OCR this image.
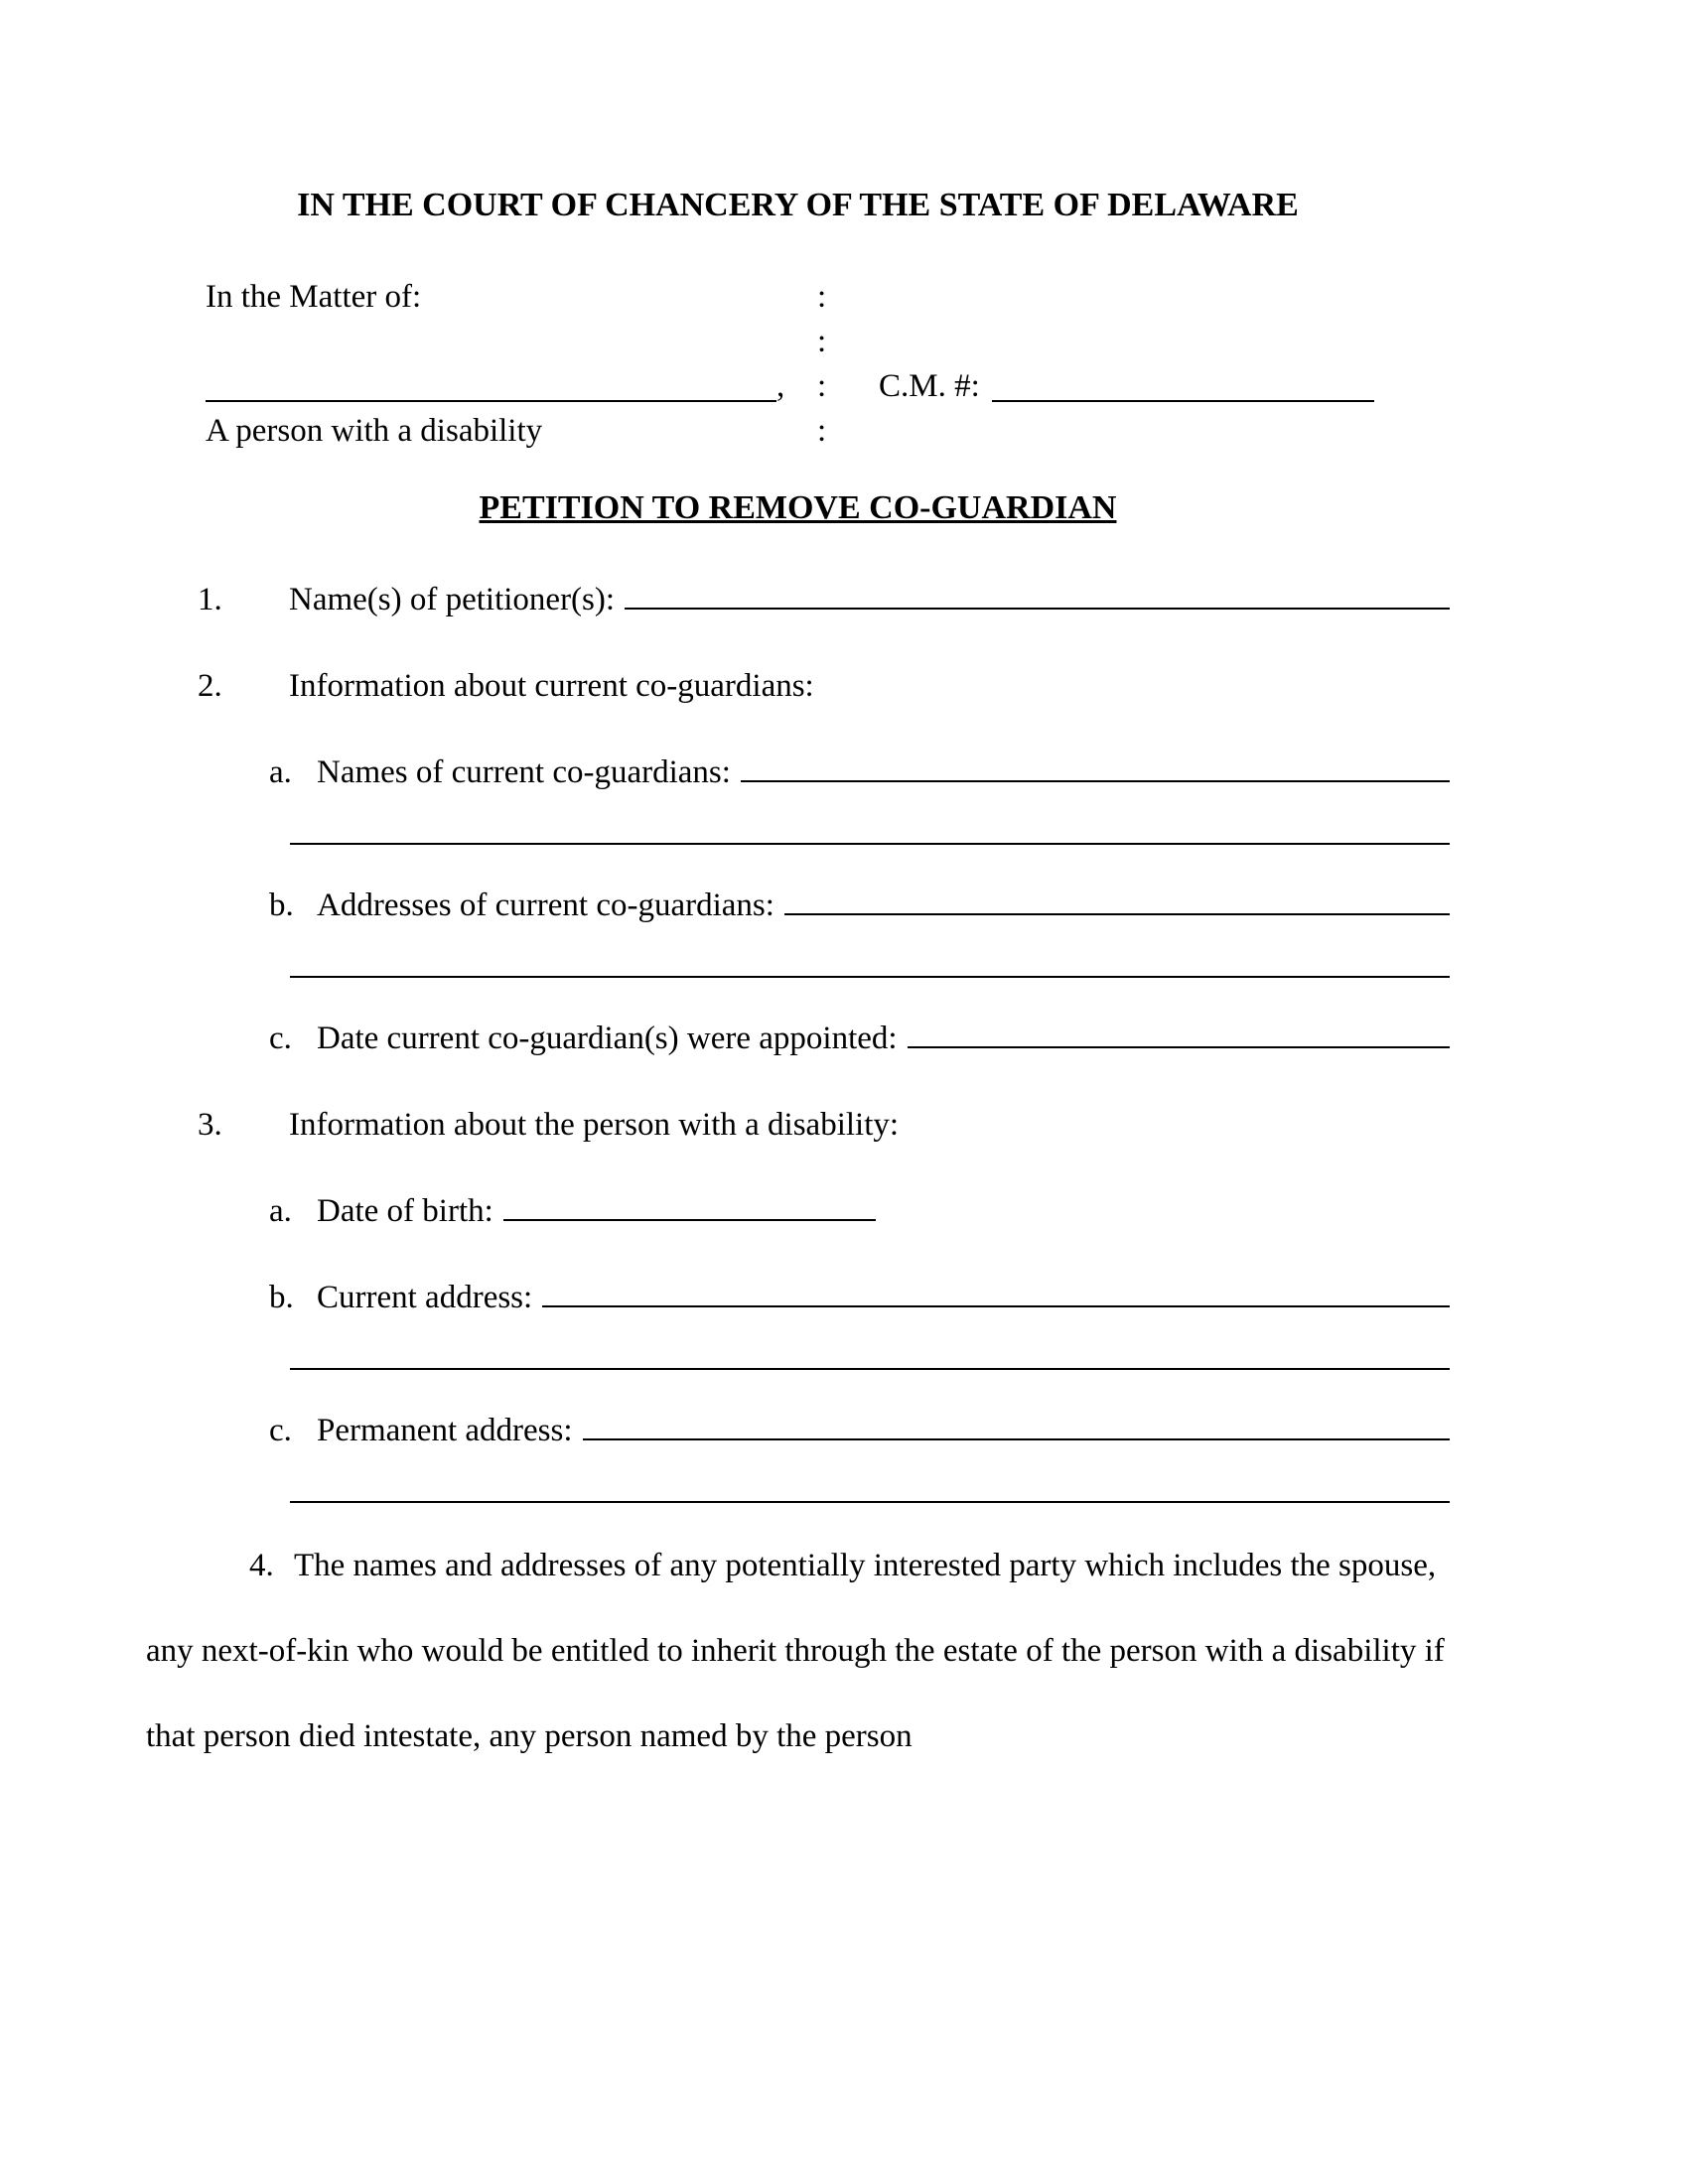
IN THE COURT OF CHANCERY OF THE STATE OF DELAWARE
In the Matter of:	:
:
, :	C.M. #:
A person with a disability	:
PETITION TO REMOVE CO-GUARDIAN
1.	Name(s) of petitioner(s):
2.	Information about current co-guardians:
a. Names of current co-guardians:
b. Addresses of current co-guardians:
c. Date current co-guardian(s) were appointed:
3.	Information about the person with a disability:
a. Date of birth:
b. Current address:
c. Permanent address:

4. The names and addresses of any potentially interested party which includes the spouse, any next-of-kin who would be entitled to inherit through the estate of the person with a disability if that person died intestate, any person named by the person
